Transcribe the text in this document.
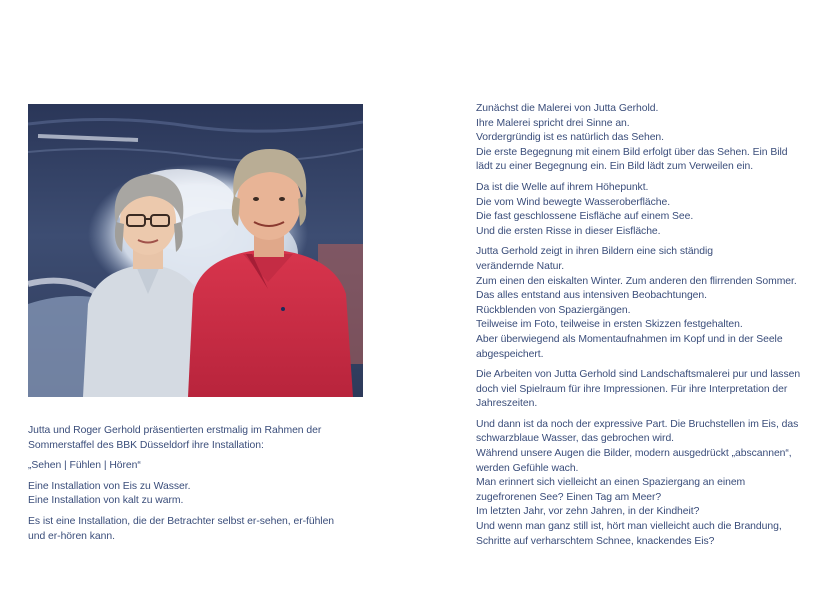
Jutta und Roger Gerhold präsentierten erstmalig im Rahmen der
Sommerstaffel des BBK Düsseldorf ihre Installation:

„Sehen | Fühlen | Hören“

Eine Installation von Eis zu Wasser.
Eine Installation von kalt zu warm.

Es ist eine Installation, die der Betrachter selbst er-sehen, er-fühlen
und er-hören kann.

Zunächst die Malerei von Jutta Gerhold.
Ihre Malerei spricht drei Sinne an.
Vordergründig ist es natürlich das Sehen.
Die erste Begegnung mit einem Bild erfolgt über das Sehen. Ein Bild
lädt zu einer Begegnung ein. Ein Bild lädt zum Verweilen ein.

Da ist die Welle auf ihrem Höhepunkt.
Die vom Wind bewegte Wasseroberfläche.
Die fast geschlossene Eisfläche auf einem See.
Und die ersten Risse in dieser Eisfläche.

Jutta Gerhold zeigt in ihren Bildern eine sich ständig
verändernde Natur.
Zum einen den eiskalten Winter. Zum anderen den flirrenden Sommer.
Das alles entstand aus intensiven Beobachtungen.
Rückblenden von Spaziergängen.
Teilweise im Foto, teilweise in ersten Skizzen festgehalten.
Aber überwiegend als Momentaufnahmen im Kopf und in der Seele
abgespeichert.

Die Arbeiten von Jutta Gerhold sind Landschaftsmalerei pur und lassen
doch viel Spielraum für ihre Impressionen. Für ihre Interpretation der
Jahreszeiten.

Und dann ist da noch der expressive Part. Die Bruchstellen im Eis, das
schwarzblaue Wasser, das gebrochen wird.
Während unsere Augen die Bilder, modern ausgedrückt „abscannen“,
werden Gefühle wach.
Man erinnert sich vielleicht an einen Spaziergang an einem
zugefrorenen See? Einen Tag am Meer?
Im letzten Jahr, vor zehn Jahren, in der Kindheit?
Und wenn man ganz still ist, hört man vielleicht auch die Brandung,
Schritte auf verharschtem Schnee, knackendes Eis?
